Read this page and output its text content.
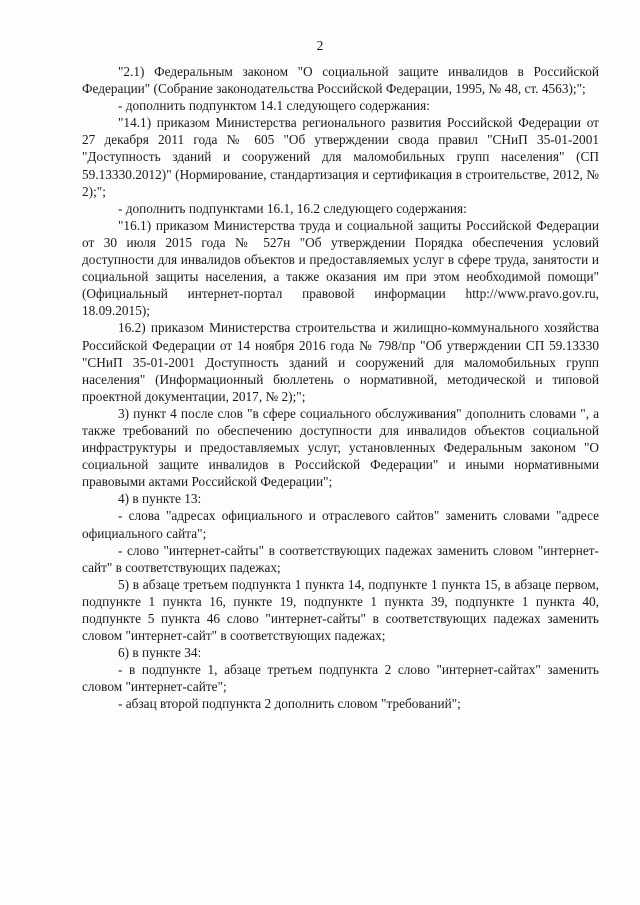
2

"2.1) Федеральным законом "О социальной защите инвалидов в Российской Федерации" (Собрание законодательства Российской Федерации, 1995, № 48, ст. 4563);";

- дополнить подпунктом 14.1 следующего содержания:

"14.1) приказом Министерства регионального развития Российской Федерации от 27 декабря 2011 года № 605 "Об утверждении свода правил "СНиП 35-01-2001 "Доступность зданий и сооружений для маломобильных групп населения" (СП 59.13330.2012)" (Нормирование, стандартизация и сертификация в строительстве, 2012, № 2);";

- дополнить подпунктами 16.1, 16.2 следующего содержания:

"16.1) приказом Министерства труда и социальной защиты Российской Федерации от 30 июля 2015 года № 527н "Об утверждении Порядка обеспечения условий доступности для инвалидов объектов и предоставляемых услуг в сфере труда, занятости и социальной защиты населения, а также оказания им при этом необходимой помощи" (Официальный интернет-портал правовой информации http://www.pravo.gov.ru, 18.09.2015);

16.2) приказом Министерства строительства и жилищно-коммунального хозяйства Российской Федерации от 14 ноября 2016 года № 798/пр "Об утверждении СП 59.13330 "СНиП 35-01-2001 Доступность зданий и сооружений для маломобильных групп населения" (Информационный бюллетень о нормативной, методической и типовой проектной документации, 2017, № 2);";

3) пункт 4 после слов "в сфере социального обслуживания" дополнить словами ", а также требований по обеспечению доступности для инвалидов объектов социальной инфраструктуры и предоставляемых услуг, установленных Федеральным законом "О социальной защите инвалидов в Российской Федерации" и иными нормативными правовыми актами Российской Федерации";

4) в пункте 13:

- слова "адресах официального и отраслевого сайтов" заменить словами "адресе официального сайта";

- слово "интернет-сайты" в соответствующих падежах заменить словом "интернет-сайт" в соответствующих падежах;

5) в абзаце третьем подпункта 1 пункта 14, подпункте 1 пункта 15, в абзаце первом, подпункте 1 пункта 16, пункте 19, подпункте 1 пункта 39, подпункте 1 пункта 40, подпункте 5 пункта 46 слово "интернет-сайты" в соответствующих падежах заменить словом "интернет-сайт" в соответствующих падежах;

6) в пункте 34:

- в подпункте 1, абзаце третьем подпункта 2 слово "интернет-сайтах" заменить словом "интернет-сайте";

- абзац второй подпункта 2 дополнить словом "требований";
